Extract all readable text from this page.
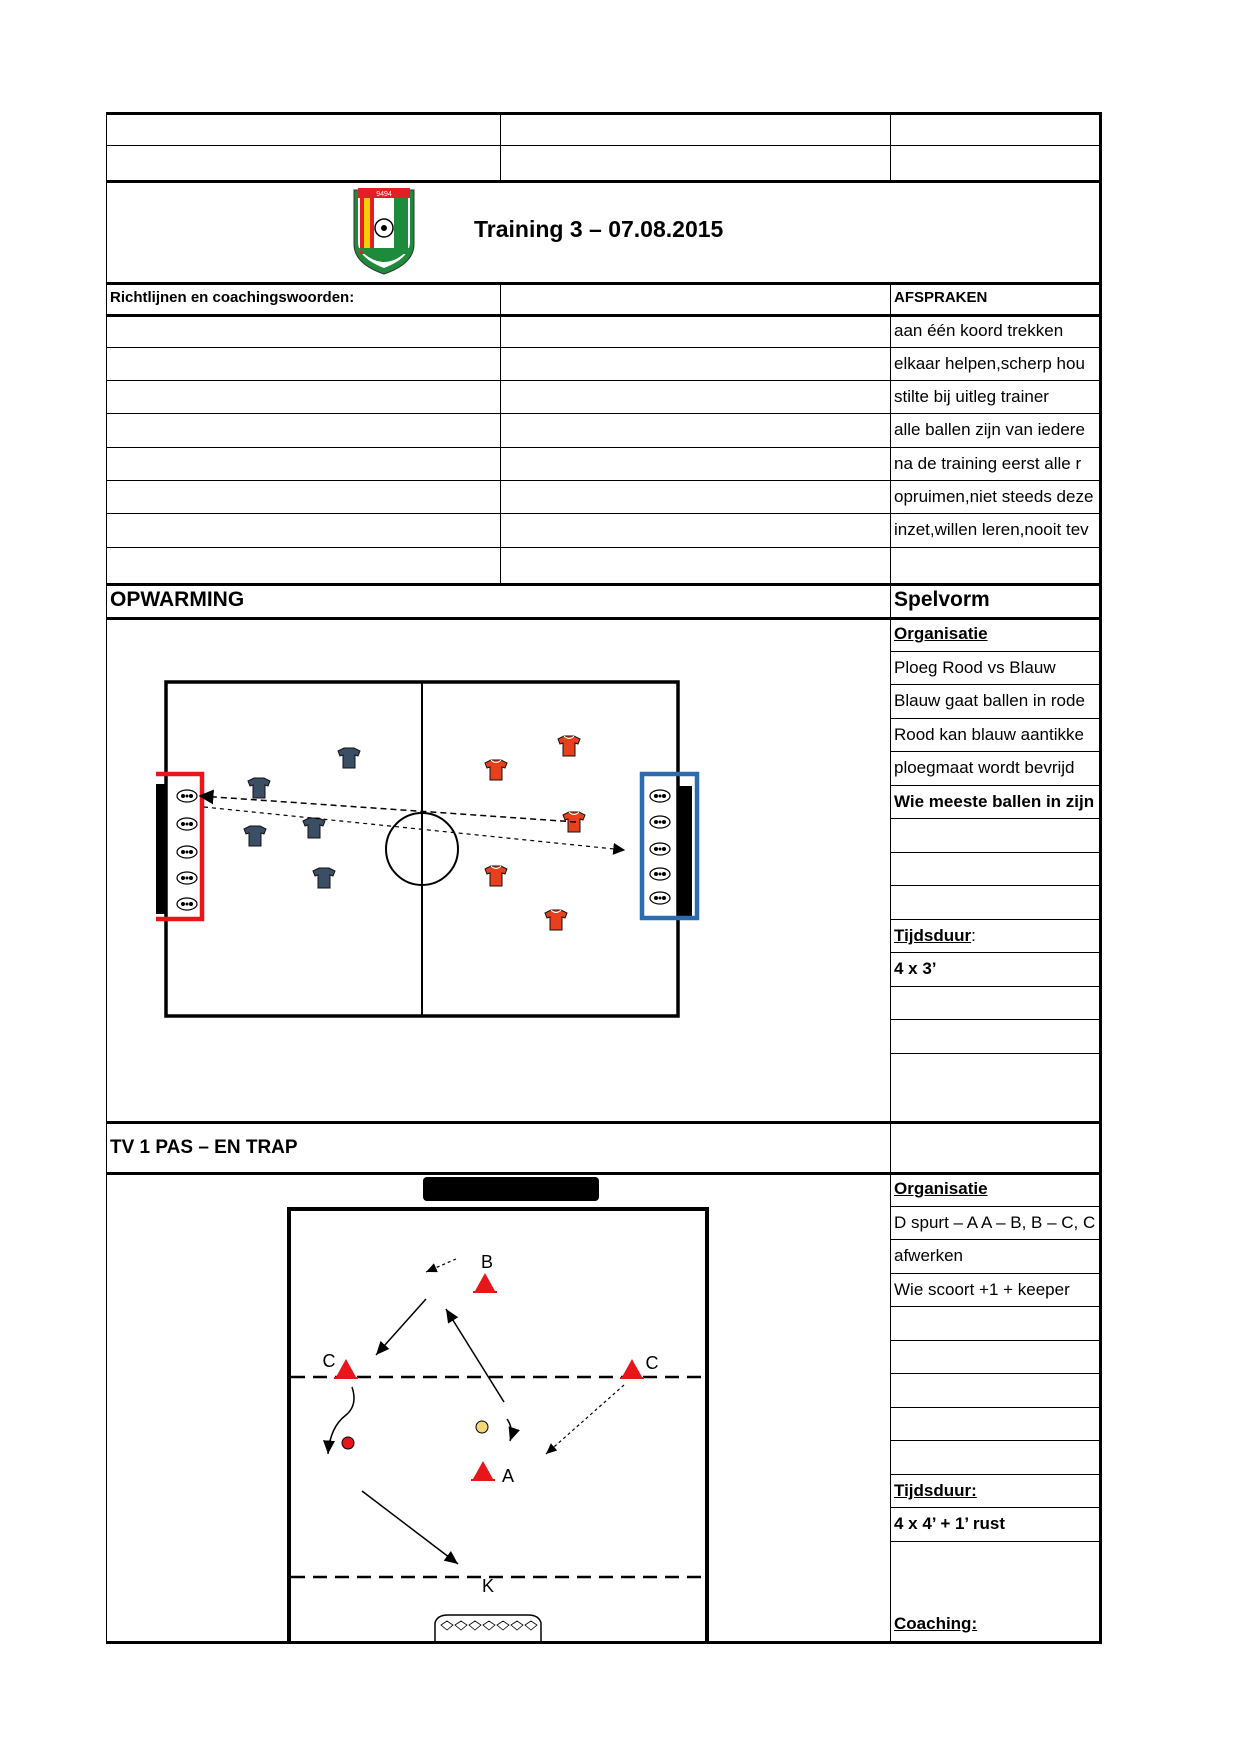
9494
Training 3 – 07.08.2015
Richtlijnen en coachingswoorden:	AFSPRAKEN
aan één koord trekken
elkaar helpen,scherp hou
stilte bij uitleg trainer
alle ballen zijn van iedere
na de training eerst alle r
opruimen,niet steeds deze
inzet,willen leren,nooit tev
OPWARMING	Spelvorm
Organisatie
Ploeg Rood vs Blauw
Blauw gaat ballen in rode
Rood kan blauw aantikke
ploegmaat wordt bevrijd
Wie meeste ballen in zijn
Tijdsduur:
4 x 3’
TV 1 PAS – EN TRAP
Organisatie
D spurt – A A – B, B – C, C
afwerken
Wie scoort +1 + keeper
Tijdsduur:
4 x 4’ + 1’ rust
Coaching:
B
C	C
A
K
